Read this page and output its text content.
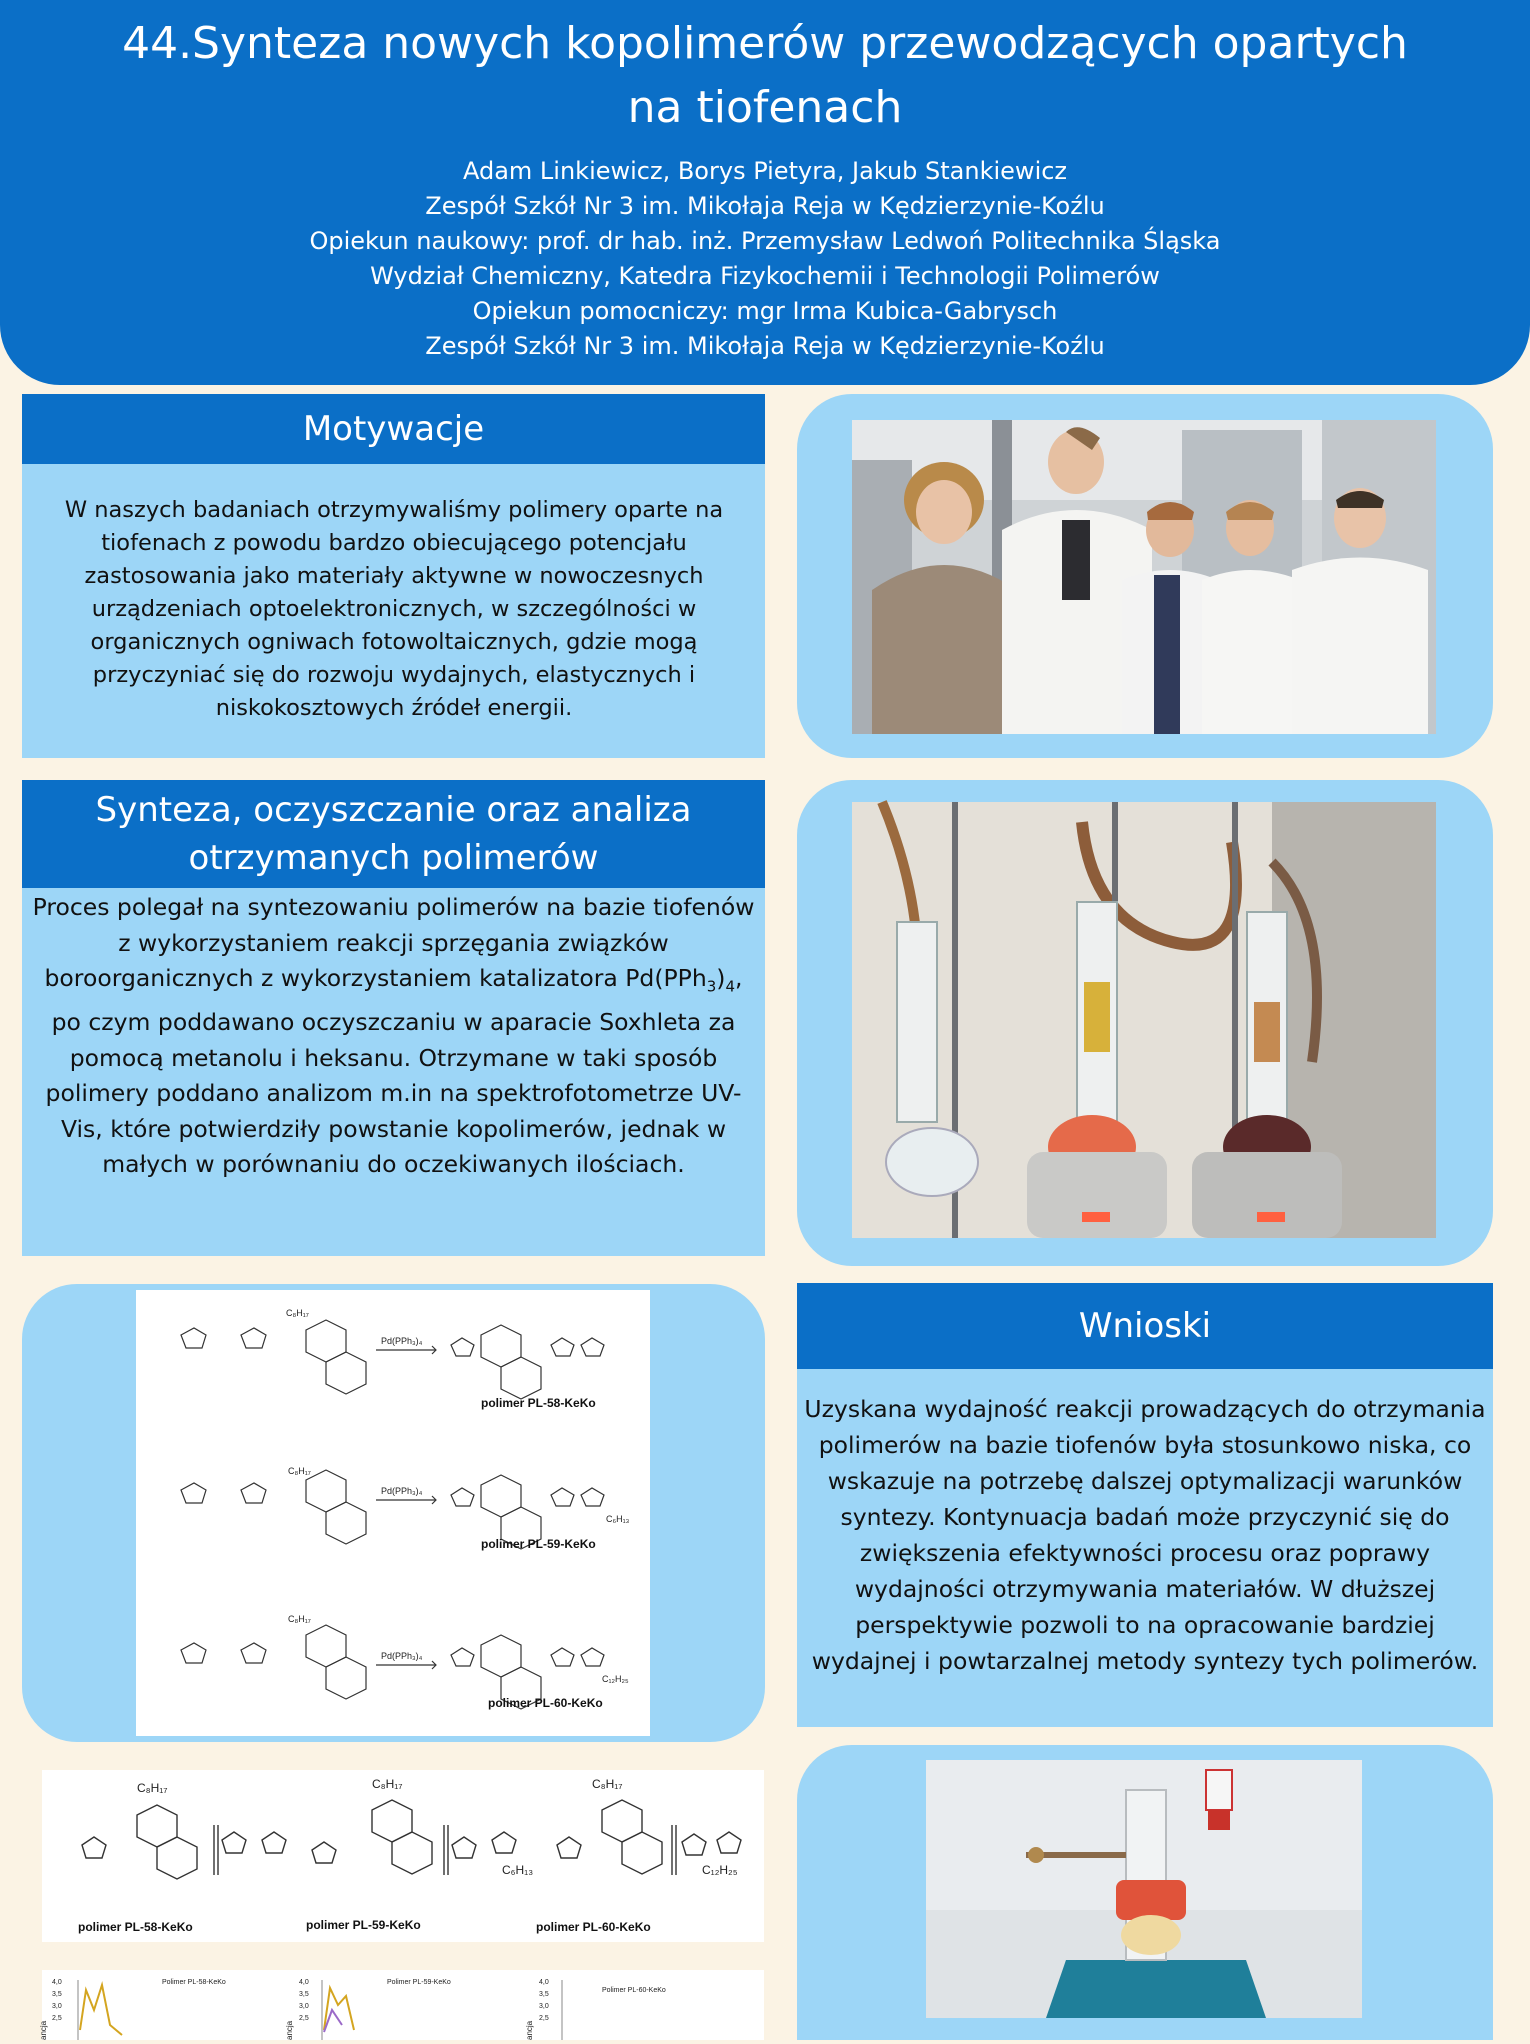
44.Synteza nowych kopolimerów przewodzących opartych na tiofenach
Adam Linkiewicz, Borys Pietyra, Jakub Stankiewicz
Zespół Szkół Nr 3 im. Mikołaja Reja w Kędzierzynie-Koźlu
Opiekun naukowy: prof. dr hab. inż. Przemysław Ledwoń Politechnika Śląska
Wydział Chemiczny, Katedra Fizykochemii i Technologii Polimerów
Opiekun pomocniczy: mgr Irma Kubica-Gabrysch
Zespół Szkół Nr 3 im. Mikołaja Reja w Kędzierzynie-Koźlu
Motywacje
W naszych badaniach otrzymywaliśmy polimery oparte na tiofenach z powodu bardzo obiecującego potencjału zastosowania jako materiały aktywne w nowoczesnych urządzeniach optoelektronicznych, w szczególności w organicznych ogniwach fotowoltaicznych, gdzie mogą przyczyniać się do rozwoju wydajnych, elastycznych i niskokosztowych źródeł energii.
Synteza, oczyszczanie oraz analiza
otrzymanych polimerów
Proces polegał na syntezowaniu polimerów na bazie tiofenów z wykorzystaniem reakcji sprzęgania związków boroorganicznych z wykorzystaniem katalizatora $Pd(PPh_3)_4$, po czym poddawano oczyszczaniu w aparacie Soxhleta za pomocą metanolu i heksanu. Otrzymane w taki sposób polimery poddano analizom m.in na spektrofotometrze UV-Vis, które potwierdziły powstanie kopolimerów, jednak w małych w porównaniu do oczekiwanych ilościach.
C₈H₁₇
C₈H₁₇
C₈H₁₇
Pd(PPh₃)₄
Pd(PPh₃)₄
Pd(PPh₃)₄
C₆H₁₃
C₁₂H₂₅
polimer PL-58-KeKo
polimer PL-59-KeKo
polimer PL-60-KeKo
Wnioski
Uzyskana wydajność reakcji prowadzących do otrzymania polimerów na bazie tiofenów była stosunkowo niska, co wskazuje na potrzebę dalszej optymalizacji warunków syntezy. Kontynuacja badań może przyczynić się do zwiększenia efektywności procesu oraz poprawy wydajności otrzymywania materiałów. W dłuższej perspektywie pozwoli to na opracowanie bardziej wydajnej i powtarzalnej metody syntezy tych polimerów.
C₈H₁₇	C₈H₁₇	C₈H₁₇
C₆H₁₃	C₁₂H₂₅
polimer PL-58-KeKo	polimer PL-59-KeKo	polimer PL-60-KeKo
Polimer PL-58-KeKo	Polimer PL-59-KeKo
Polimer PL-60-KeKo
4,0
3,5
3,0
2,5
4,0
3,5
3,0
2,5
4,0
3,5
3,0
2,5
ancja	ancja	ancja
